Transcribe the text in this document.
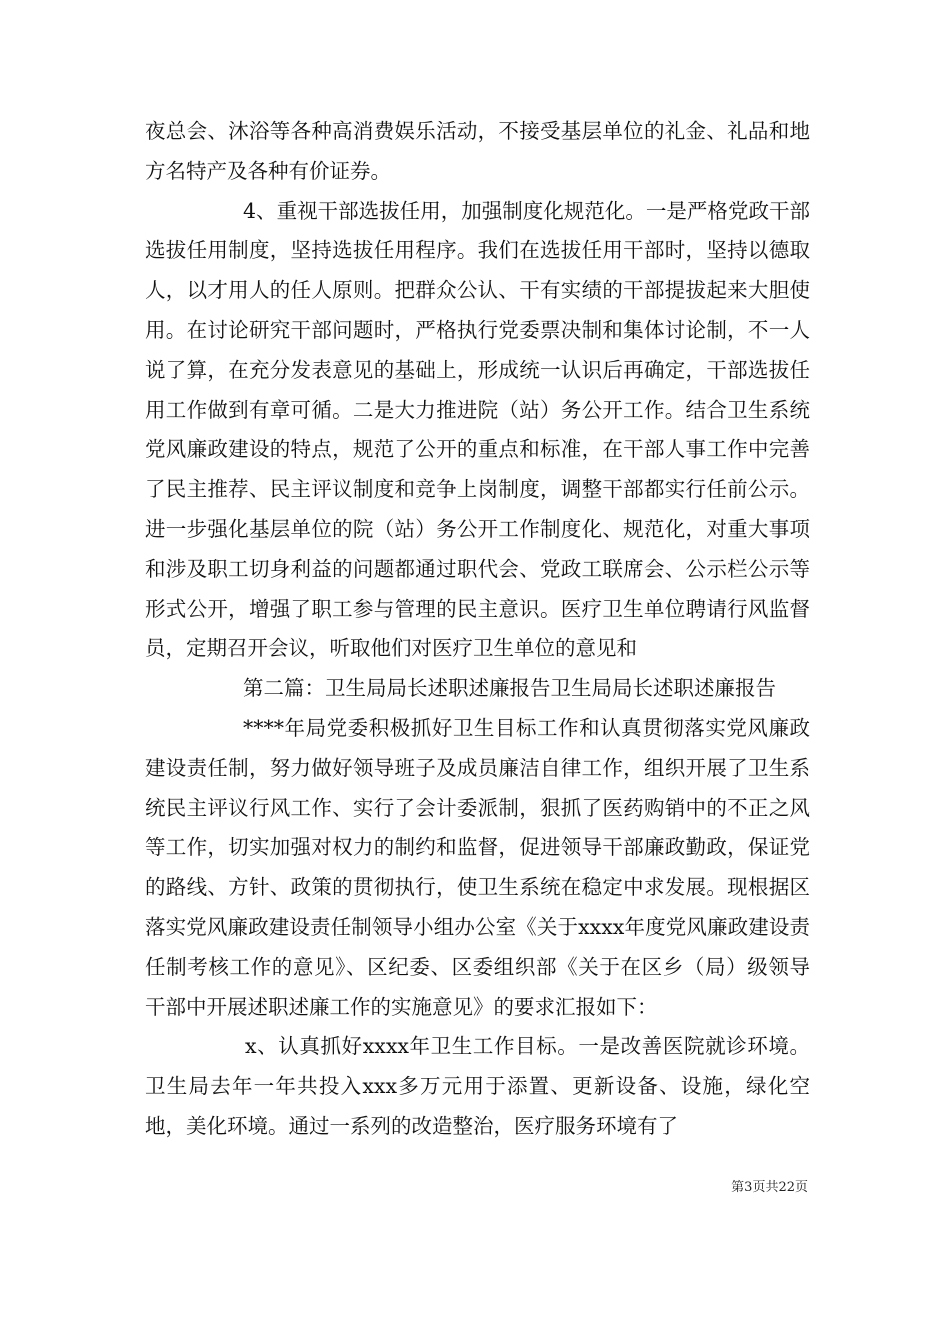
夜总会、沐浴等各种高消费娱乐活动，不接受基层单位的礼金、礼品和地方名特产及各种有价证券。

4、重视干部选拔任用，加强制度化规范化。一是严格党政干部选拔任用制度，坚持选拔任用程序。我们在选拔任用干部时，坚持以德取人，以才用人的任人原则。把群众公认、干有实绩的干部提拔起来大胆使用。在讨论研究干部问题时，严格执行党委票决制和集体讨论制，不一人说了算，在充分发表意见的基础上，形成统一认识后再确定，干部选拔任用工作做到有章可循。二是大力推进院（站）务公开工作。结合卫生系统党风廉政建设的特点，规范了公开的重点和标准，在干部人事工作中完善了民主推荐、民主评议制度和竞争上岗制度，调整干部都实行任前公示。进一步强化基层单位的院（站）务公开工作制度化、规范化，对重大事项和涉及职工切身利益的问题都通过职代会、党政工联席会、公示栏公示等形式公开，增强了职工参与管理的民主意识。医疗卫生单位聘请行风监督员，定期召开会议，听取他们对医疗卫生单位的意见和

第二篇：卫生局局长述职述廉报告卫生局局长述职述廉报告

****年局党委积极抓好卫生目标工作和认真贯彻落实党风廉政建设责任制，努力做好领导班子及成员廉洁自律工作，组织开展了卫生系统民主评议行风工作、实行了会计委派制，狠抓了医药购销中的不正之风等工作，切实加强对权力的制约和监督，促进领导干部廉政勤政，保证党的路线、方针、政策的贯彻执行，使卫生系统在稳定中求发展。现根据区落实党风廉政建设责任制领导小组办公室《关于xxxx年度党风廉政建设责任制考核工作的意见》、区纪委、区委组织部《关于在区乡（局）级领导干部中开展述职述廉工作的实施意见》的要求汇报如下：

x、认真抓好xxxx年卫生工作目标。一是改善医院就诊环境。卫生局去年一年共投入xxx多万元用于添置、更新设备、设施，绿化空地，美化环境。通过一系列的改造整治，医疗服务环境有了

第3页共22页
